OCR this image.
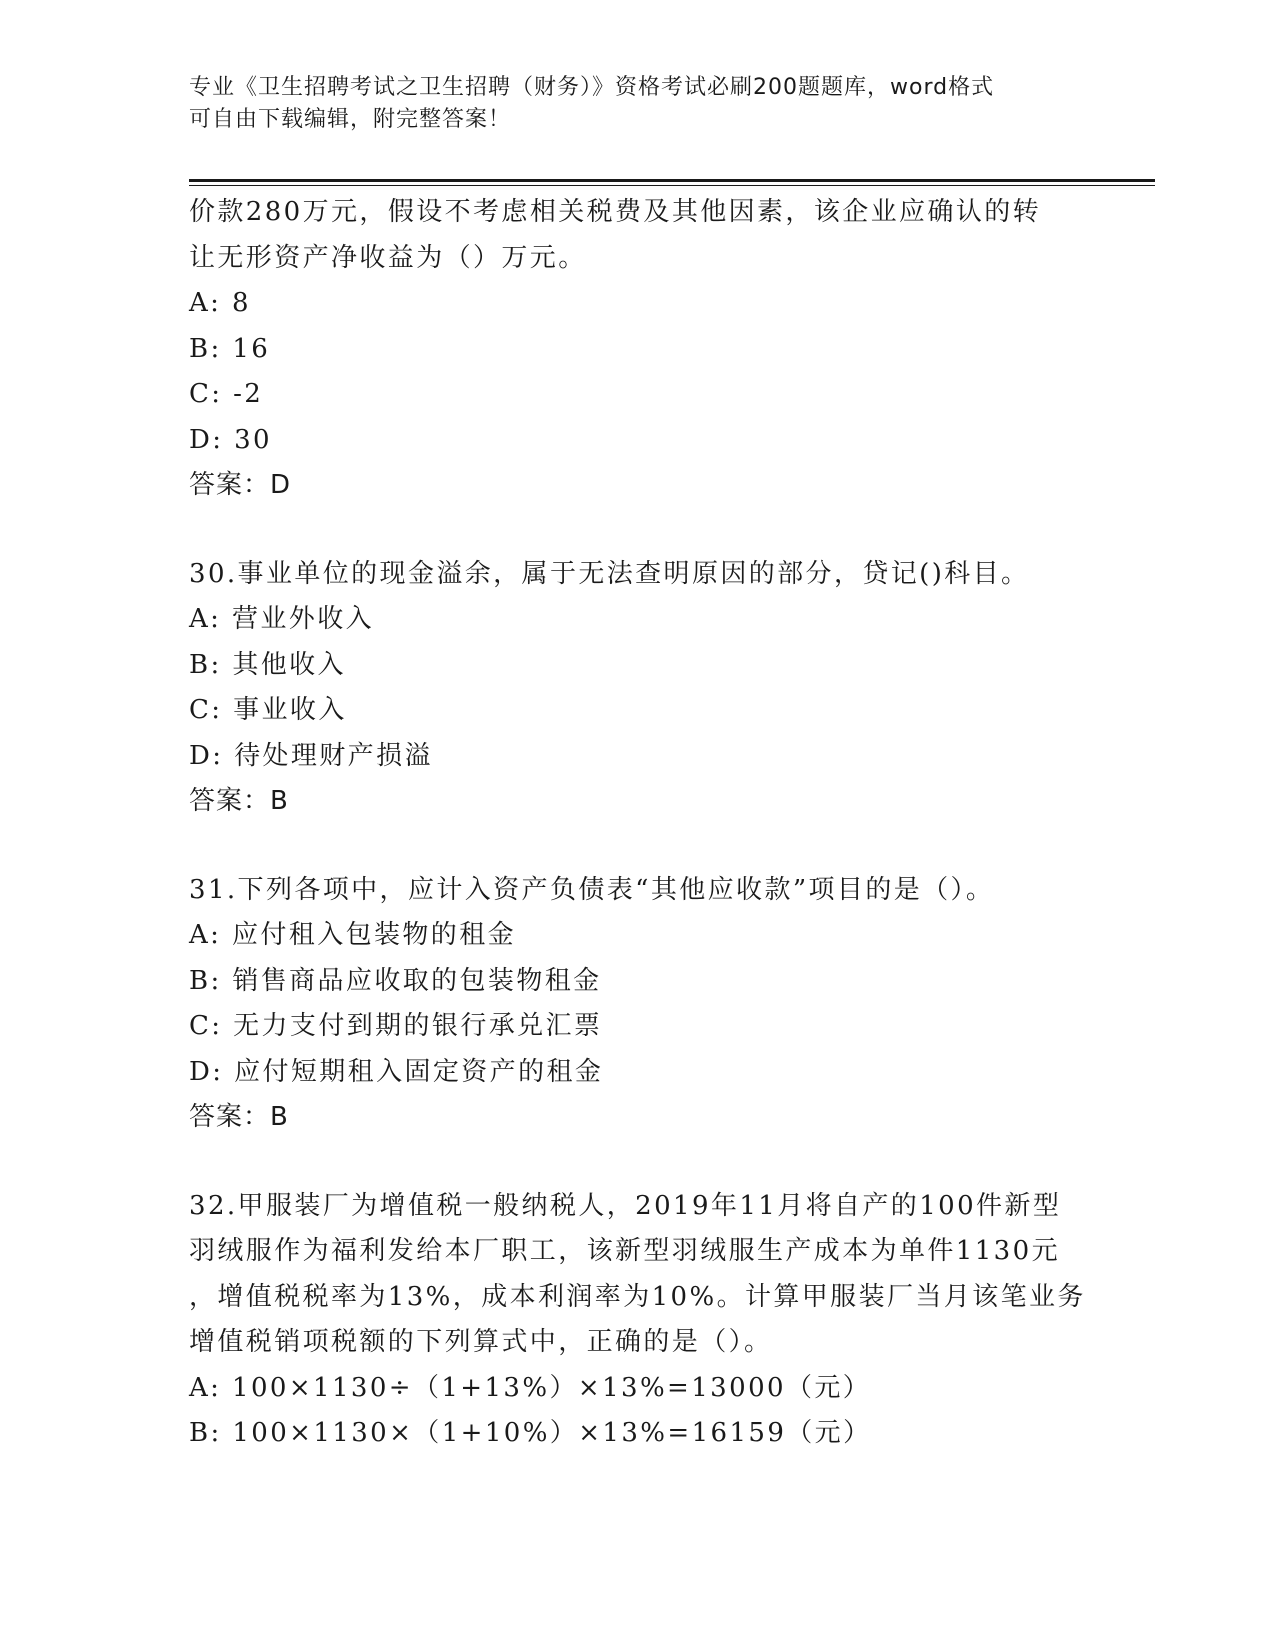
专业《卫生招聘考试之卫生招聘（财务）》资格考试必刷200题题库，word格式
可自由下载编辑，附完整答案！
价款280万元，假设不考虑相关税费及其他因素，该企业应确认的转
让无形资产净收益为（）万元。
A: 8
B: 16
C: -2
D: 30
答案：D
30.事业单位的现金溢余，属于无法查明原因的部分，贷记()科目。
A: 营业外收入
B: 其他收入
C: 事业收入
D: 待处理财产损溢
答案：B
31.下列各项中，应计入资产负债表“其他应收款”项目的是（）。
A: 应付租入包装物的租金
B: 销售商品应收取的包装物租金
C: 无力支付到期的银行承兑汇票
D: 应付短期租入固定资产的租金
答案：B
32.甲服装厂为增值税一般纳税人，2019年11月将自产的100件新型
羽绒服作为福利发给本厂职工，该新型羽绒服生产成本为单件1130元
，增值税税率为13%，成本利润率为10%。计算甲服装厂当月该笔业务
增值税销项税额的下列算式中，正确的是（）。
A: 100×1130÷（1+13%）×13%=13000（元）
B: 100×1130×（1+10%）×13%=16159（元）
